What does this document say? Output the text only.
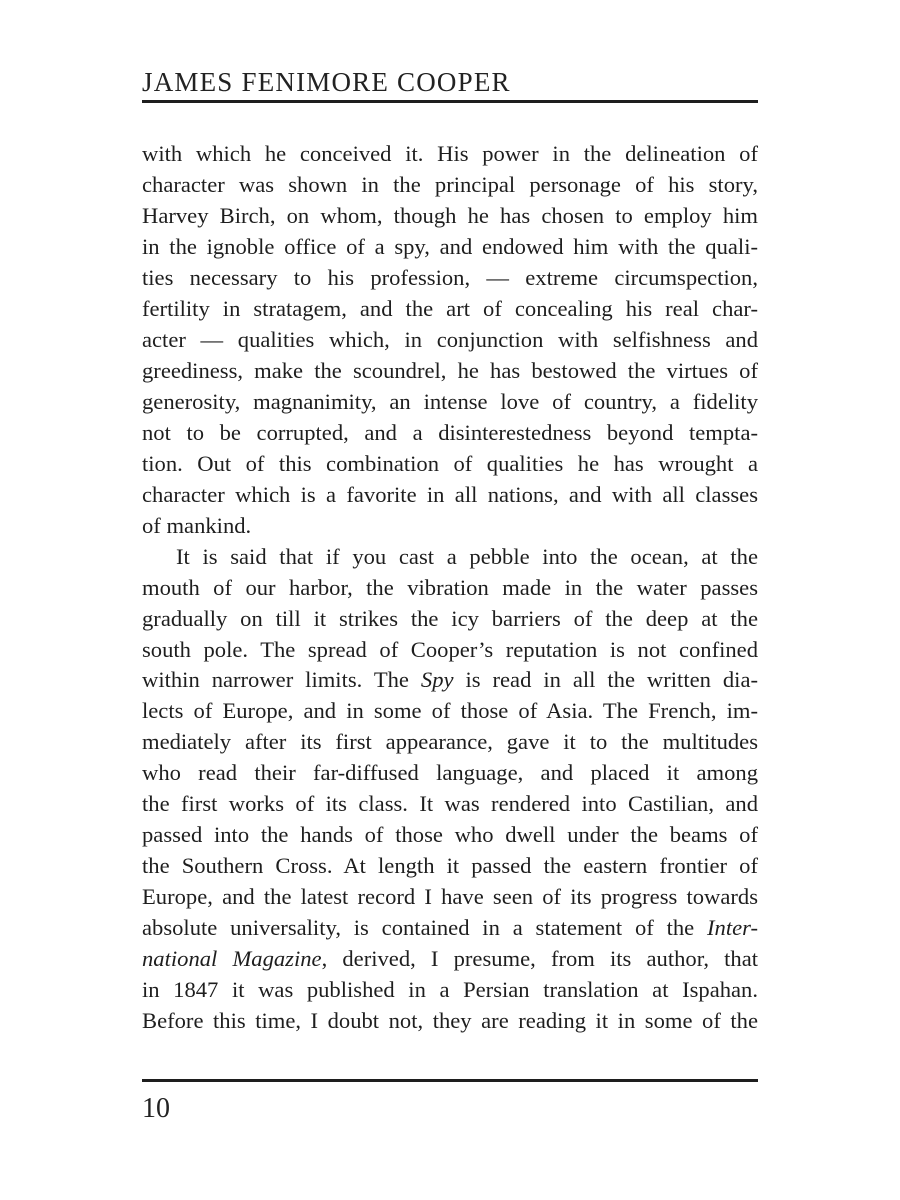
JAMES FENIMORE COOPER
with which he conceived it. His power in the delineation of
character was shown in the principal personage of his story,
Harvey Birch, on whom, though he has chosen to employ him
in the ignoble office of a spy, and endowed him with the quali-
ties necessary to his profession, — extreme circumspection,
fertility in stratagem, and the art of concealing his real char-
acter — qualities which, in conjunction with selfishness and
greediness, make the scoundrel, he has bestowed the virtues of
generosity, magnanimity, an intense love of country, a fidelity
not to be corrupted, and a disinterestedness beyond tempta-
tion. Out of this combination of qualities he has wrought a
character which is a favorite in all nations, and with all classes
of mankind.
It is said that if you cast a pebble into the ocean, at the
mouth of our harbor, the vibration made in the water passes
gradually on till it strikes the icy barriers of the deep at the
south pole. The spread of Cooper’s reputation is not confined
within narrower limits. The Spy is read in all the written dia-
lects of Europe, and in some of those of Asia. The French, im-
mediately after its first appearance, gave it to the multitudes
who read their far-diffused language, and placed it among
the first works of its class. It was rendered into Castilian, and
passed into the hands of those who dwell under the beams of
the Southern Cross. At length it passed the eastern frontier of
Europe, and the latest record I have seen of its progress towards
absolute universality, is contained in a statement of the Inter-
national Magazine, derived, I presume, from its author, that
in 1847 it was published in a Persian translation at Ispahan.
Before this time, I doubt not, they are reading it in some of the
10
